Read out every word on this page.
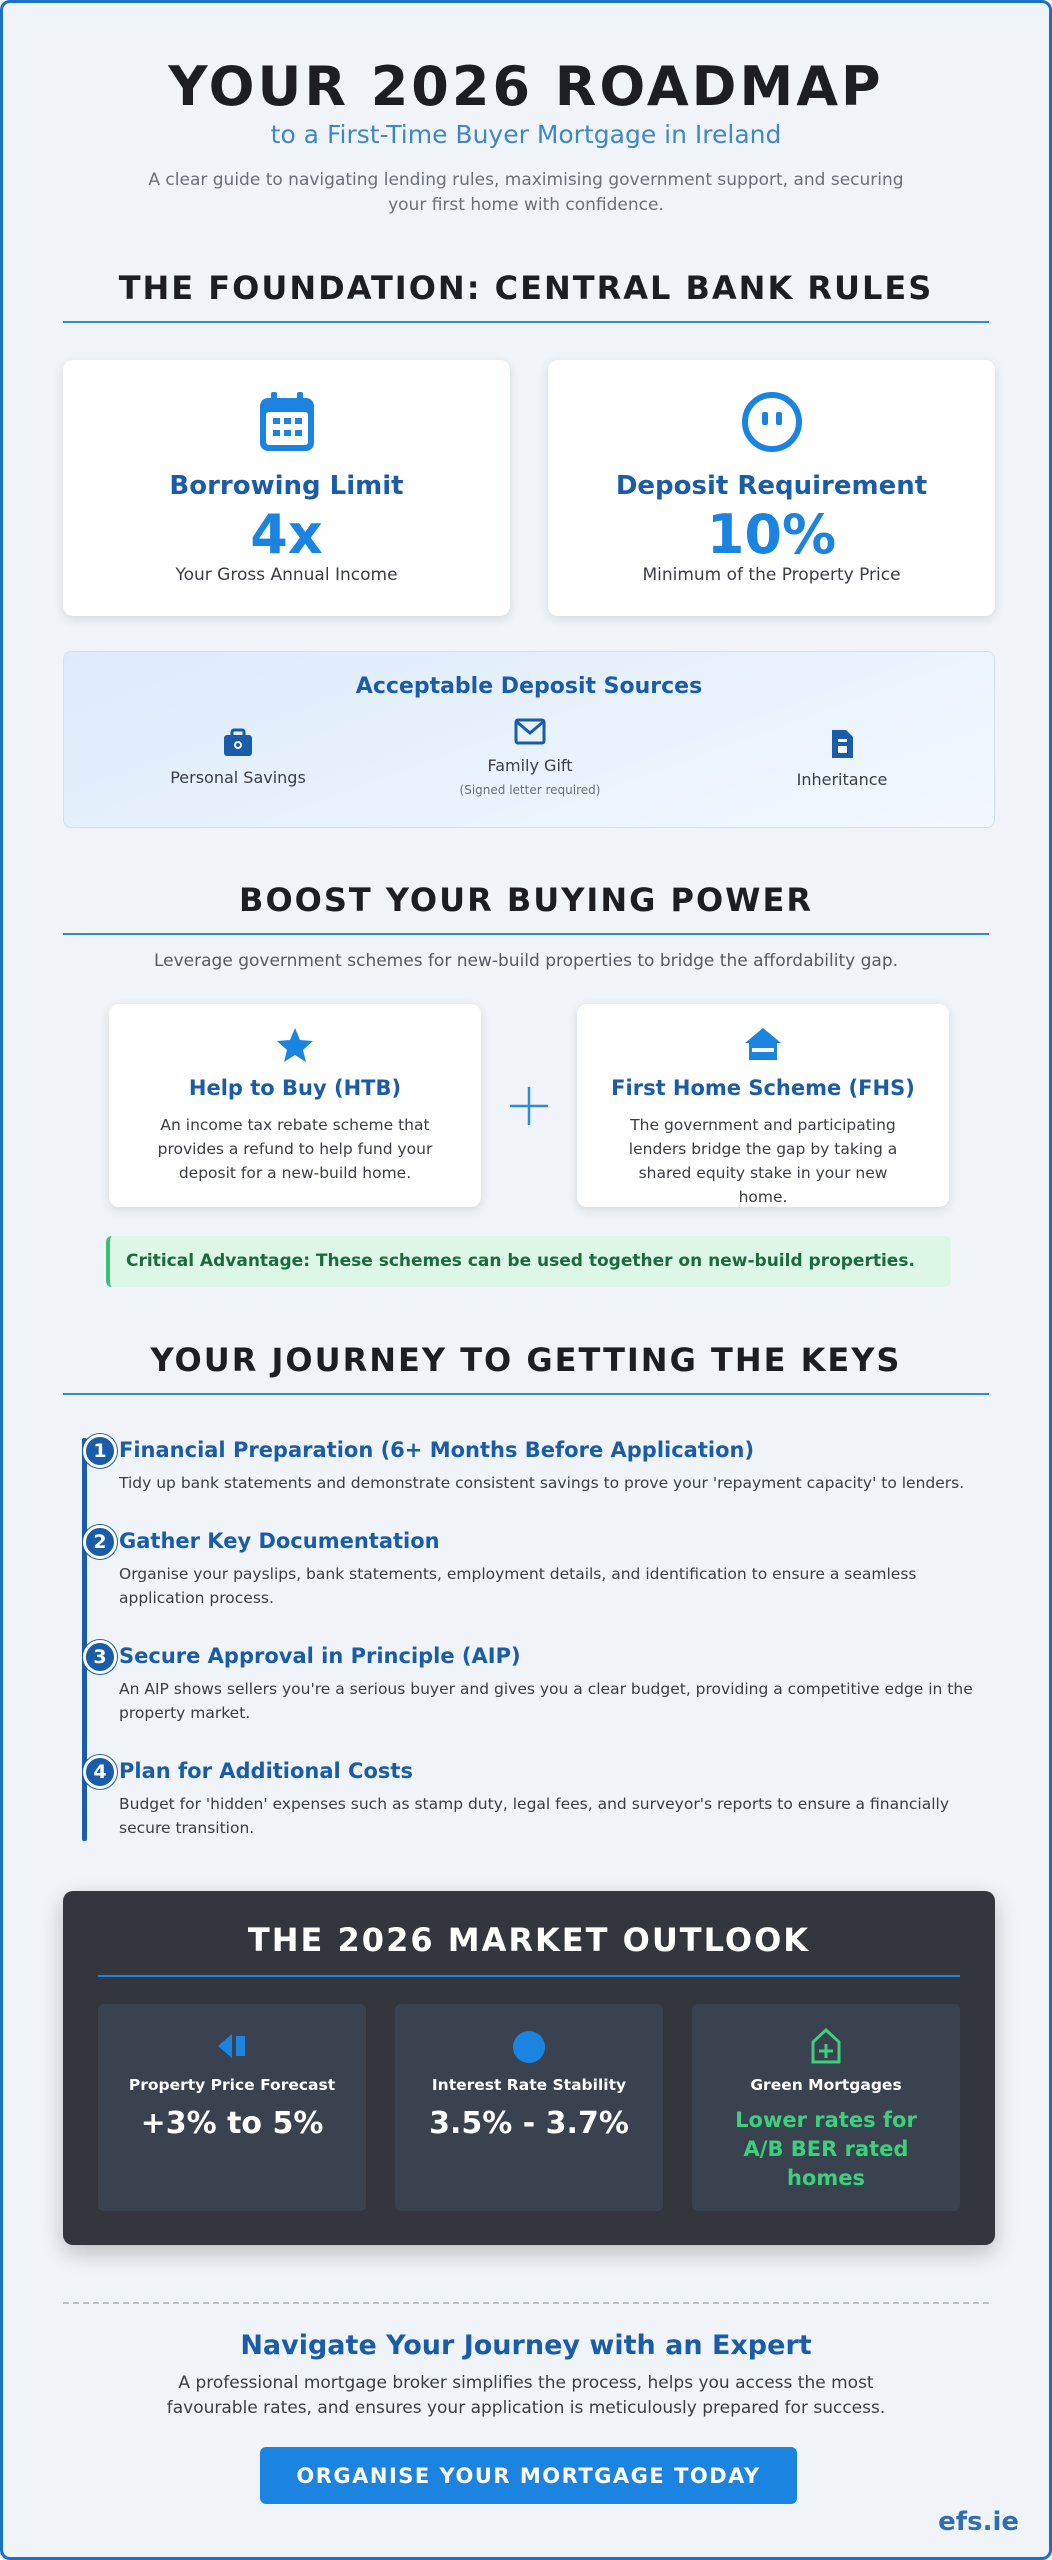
YOUR 2026 ROADMAP
to a First-Time Buyer Mortgage in Ireland
A clear guide to navigating lending rules, maximising government support, and securing your first home with confidence.
THE FOUNDATION: CENTRAL BANK RULES
Borrowing Limit
4x
Your Gross Annual Income
Deposit Requirement
10%
Minimum of the Property Price
Acceptable Deposit Sources
Personal Savings
Family Gift
(Signed letter required)
Inheritance
BOOST YOUR BUYING POWER
Leverage government schemes for new-build properties to bridge the affordability gap.
Help to Buy (HTB)
An income tax rebate scheme that provides a refund to help fund your deposit for a new-build home.
First Home Scheme (FHS)
The government and participating lenders bridge the gap by taking a shared equity stake in your new home.
Critical Advantage: These schemes can be used together on new-build properties.
YOUR JOURNEY TO GETTING THE KEYS
1 Financial Preparation (6+ Months Before Application)
Tidy up bank statements and demonstrate consistent savings to prove your 'repayment capacity' to lenders.
2 Gather Key Documentation
Organise your payslips, bank statements, employment details, and identification to ensure a seamless application process.
3 Secure Approval in Principle (AIP)
An AIP shows sellers you're a serious buyer and gives you a clear budget, providing a competitive edge in the property market.
4 Plan for Additional Costs
Budget for 'hidden' expenses such as stamp duty, legal fees, and surveyor's reports to ensure a financially secure transition.
THE 2026 MARKET OUTLOOK
Property Price Forecast
+3% to 5%
Interest Rate Stability
3.5% - 3.7%
Green Mortgages
Lower rates for A/B BER rated homes
Navigate Your Journey with an Expert
A professional mortgage broker simplifies the process, helps you access the most favourable rates, and ensures your application is meticulously prepared for success.
ORGANISE YOUR MORTGAGE TODAY
efs.ie
